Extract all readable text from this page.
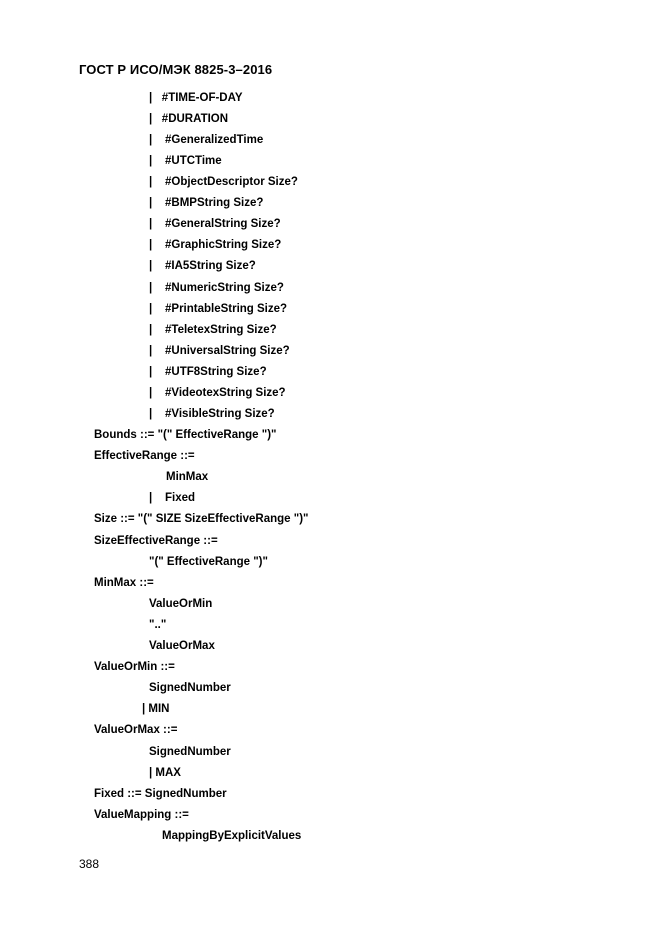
ГОСТ Р ИСО/МЭК 8825-3–2016
|   #TIME-OF-DAY
|   #DURATION
|    #GeneralizedTime
|    #UTCTime
|    #ObjectDescriptor Size?
|    #BMPString Size?
|    #GeneralString Size?
|    #GraphicString Size?
|    #IA5String Size?
|    #NumericString Size?
|    #PrintableString Size?
|    #TeletexString Size?
|    #UniversalString Size?
|    #UTF8String Size?
|    #VideotexString Size?
|    #VisibleString Size?
Bounds ::= "(" EffectiveRange ")"
EffectiveRange ::=
MinMax
|    Fixed
Size ::= "(" SIZE SizeEffectiveRange ")"
SizeEffectiveRange ::=
"(" EffectiveRange ")"
MinMax ::=
ValueOrMin
".."
ValueOrMax
ValueOrMin ::=
SignedNumber
| MIN
ValueOrMax ::=
SignedNumber
| MAX
Fixed ::= SignedNumber
ValueMapping ::=
MappingByExplicitValues
388
